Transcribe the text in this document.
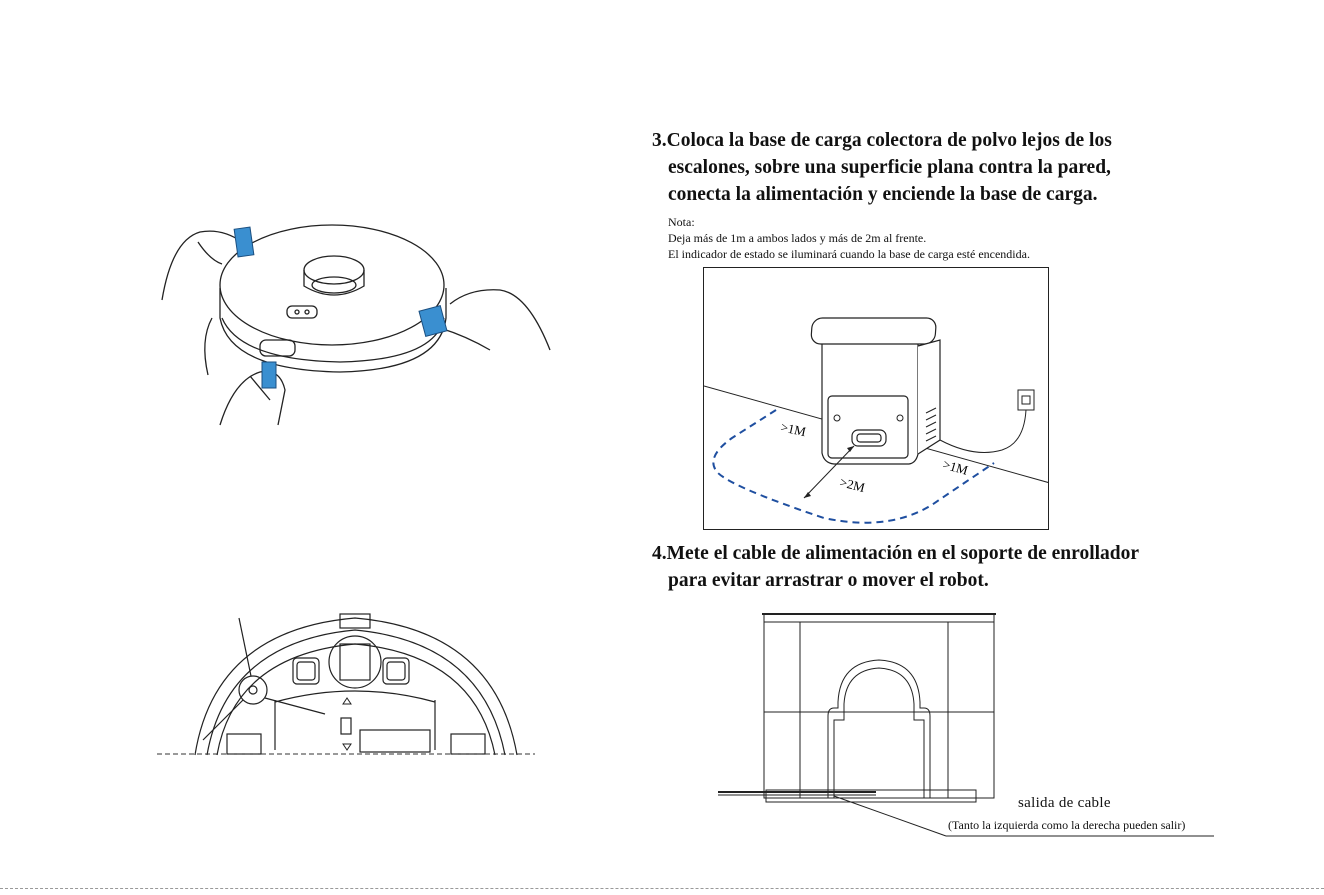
3.Coloca la base de carga colectora de polvo lejos de los
escalones, sobre una superficie plana contra la pared,
conecta la alimentación y enciende la base de carga.
Nota:
Deja más de 1m a ambos lados y más de 2m al frente.
El indicador de estado se iluminará cuando la base de carga esté encendida.
>1M
>2M
>1M
4.Mete el cable de alimentación en el soporte de enrollador
para evitar arrastrar o mover el robot.
salida de cable
(Tanto la izquierda como la derecha pueden salir)
